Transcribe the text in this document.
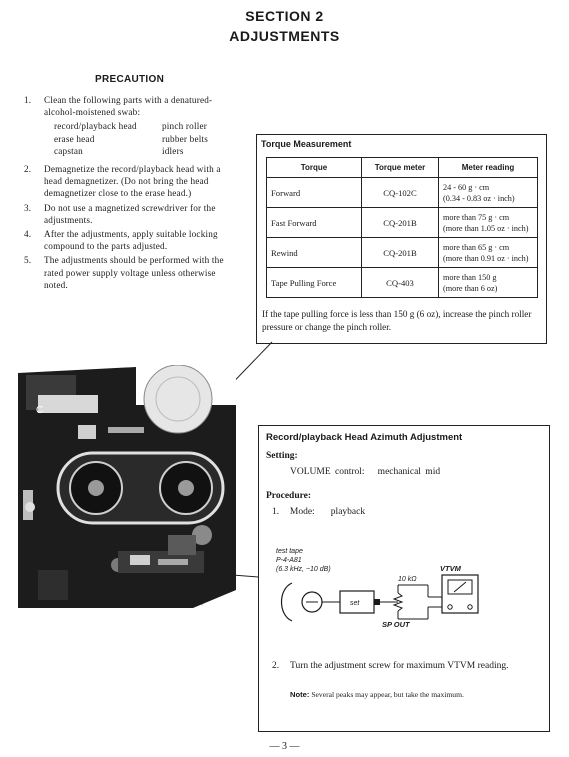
SECTION 2
ADJUSTMENTS
PRECAUTION
1.	Clean the following parts with a denatured-alcohol-moistened swab:
record/playback head	pinch roller
erase head	rubber belts
capstan	idlers
2.	Demagnetize the record/playback head with a head demagnetizer. (Do not bring the head demagnetizer close to the erase head.)
3.	Do not use a magnetized screwdriver for the adjustments.
4.	After the adjustments, apply suitable locking compound to the parts adjusted.
5.	The adjustments should be performed with the rated power supply voltage unless otherwise noted.
Torque Measurement
Torque	Torque meter	Meter reading
Forward	CQ-102C	24 - 60 g · cm
(0.34 - 0.83 oz · inch)

Fast Forward	CQ-201B	more than 75 g · cm
(more than 1.05 oz · inch)

Rewind	CQ-201B	more than 65 g · cm
(more than 0.91 oz · inch)

Tape Pulling Force	CQ-403	more than 150 g
(more than 6 oz)
If the tape pulling force is less than 150 g (6 oz), increase the pinch roller pressure or change the pinch roller.
C
† ʻ
Record/playback Head Azimuth Adjustment
Setting:
VOLUME control:   mechanical mid
Procedure:
1. Mode:   playback
test tape
P-4-A81
(6.3 kHz, −10 dB)	VTVM
10 kΩ
set
SP OUT
2.	Turn the adjustment screw for maximum VTVM reading.
Note: Several peaks may appear, but take the maximum.
— 3 —
